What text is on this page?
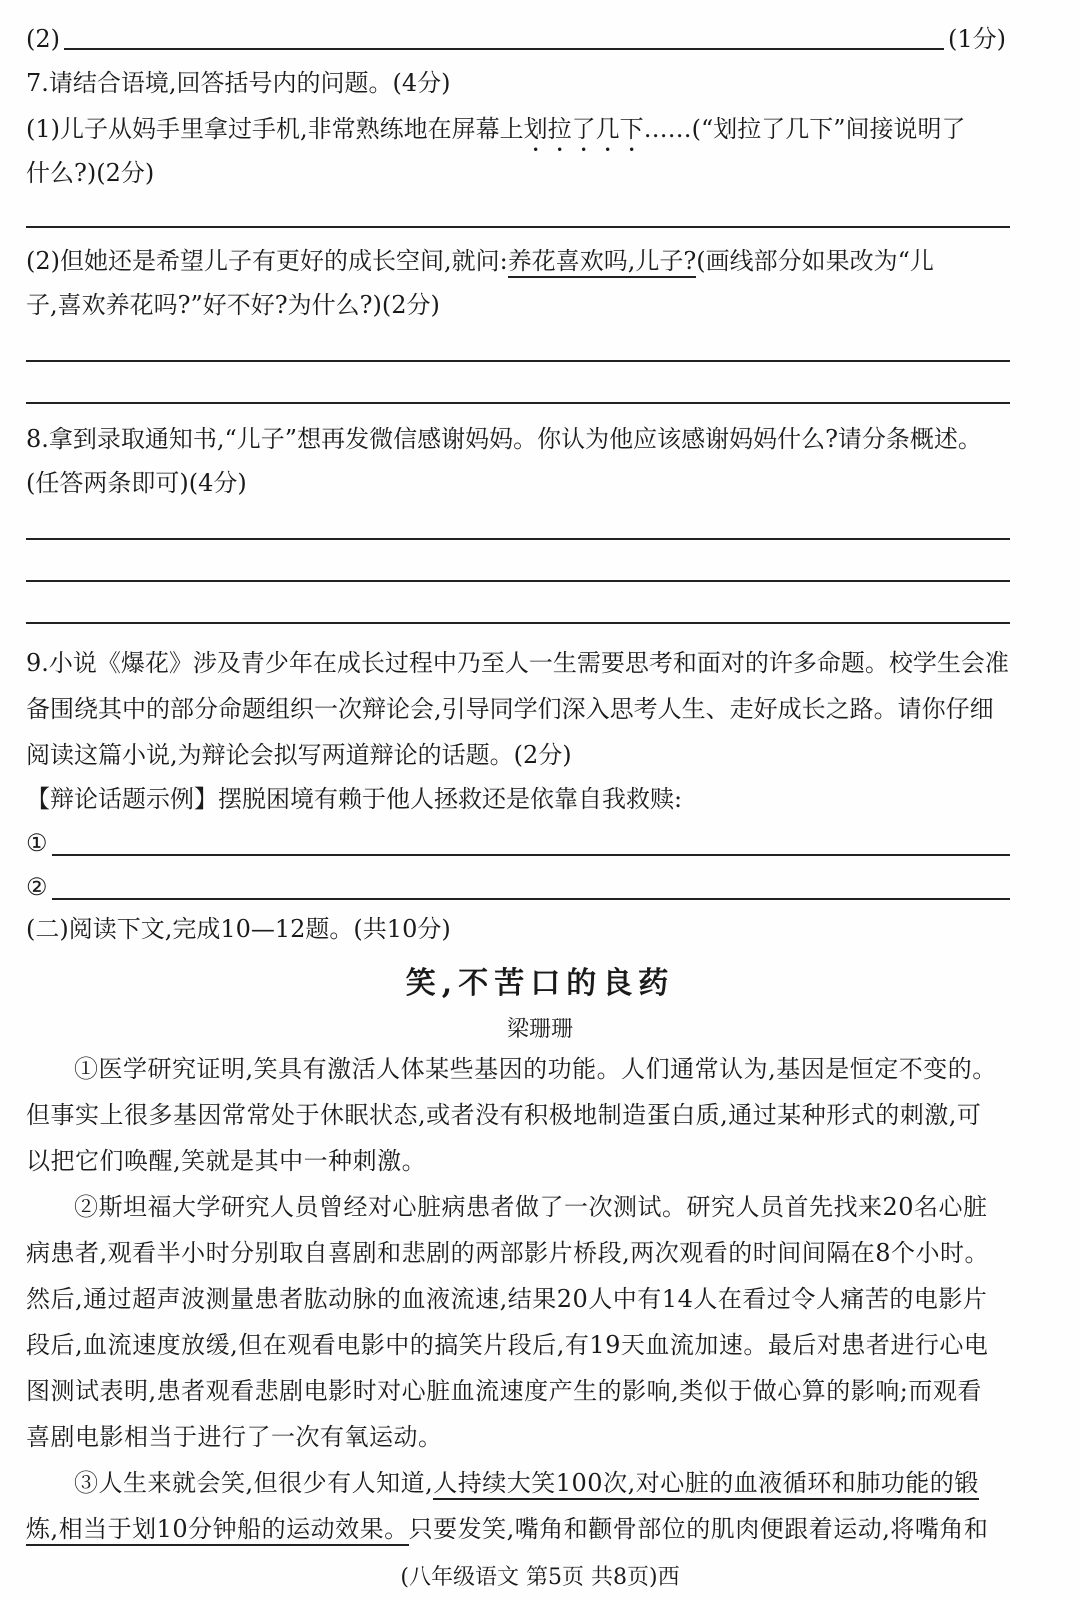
(2)	(1分)
7.请结合语境,回答括号内的问题。(4分)
(1)儿子从妈手里拿过手机,非常熟练地在屏幕上划拉了几下……(“划拉了几下”间接说明了
什么?)(2分)
(2)但她还是希望儿子有更好的成长空间,就问:养花喜欢吗,儿子?(画线部分如果改为“儿
子,喜欢养花吗?”好不好?为什么?)(2分)
8.拿到录取通知书,“儿子”想再发微信感谢妈妈。你认为他应该感谢妈妈什么?请分条概述。
(任答两条即可)(4分)
9.小说《爆花》涉及青少年在成长过程中乃至人一生需要思考和面对的许多命题。校学生会准
备围绕其中的部分命题组织一次辩论会,引导同学们深入思考人生、走好成长之路。请你仔细
阅读这篇小说,为辩论会拟写两道辩论的话题。(2分)
【辩论话题示例】摆脱困境有赖于他人拯救还是依靠自我救赎:
①
②
(二)阅读下文,完成10—12题。(共10分)
笑,不苦口的良药
梁珊珊
①医学研究证明,笑具有激活人体某些基因的功能。人们通常认为,基因是恒定不变的。
但事实上很多基因常常处于休眠状态,或者没有积极地制造蛋白质,通过某种形式的刺激,可
以把它们唤醒,笑就是其中一种刺激。
②斯坦福大学研究人员曾经对心脏病患者做了一次测试。研究人员首先找来20名心脏
病患者,观看半小时分别取自喜剧和悲剧的两部影片桥段,两次观看的时间间隔在8个小时。
然后,通过超声波测量患者肱动脉的血液流速,结果20人中有14人在看过令人痛苦的电影片
段后,血流速度放缓,但在观看电影中的搞笑片段后,有19天血流加速。最后对患者进行心电
图测试表明,患者观看悲剧电影时对心脏血流速度产生的影响,类似于做心算的影响;而观看
喜剧电影相当于进行了一次有氧运动。
③人生来就会笑,但很少有人知道,人持续大笑100次,对心脏的血液循环和肺功能的锻
炼,相当于划10分钟船的运动效果。只要发笑,嘴角和颧骨部位的肌肉便跟着运动,将嘴角和
(八年级语文 第5页 共8页)西
